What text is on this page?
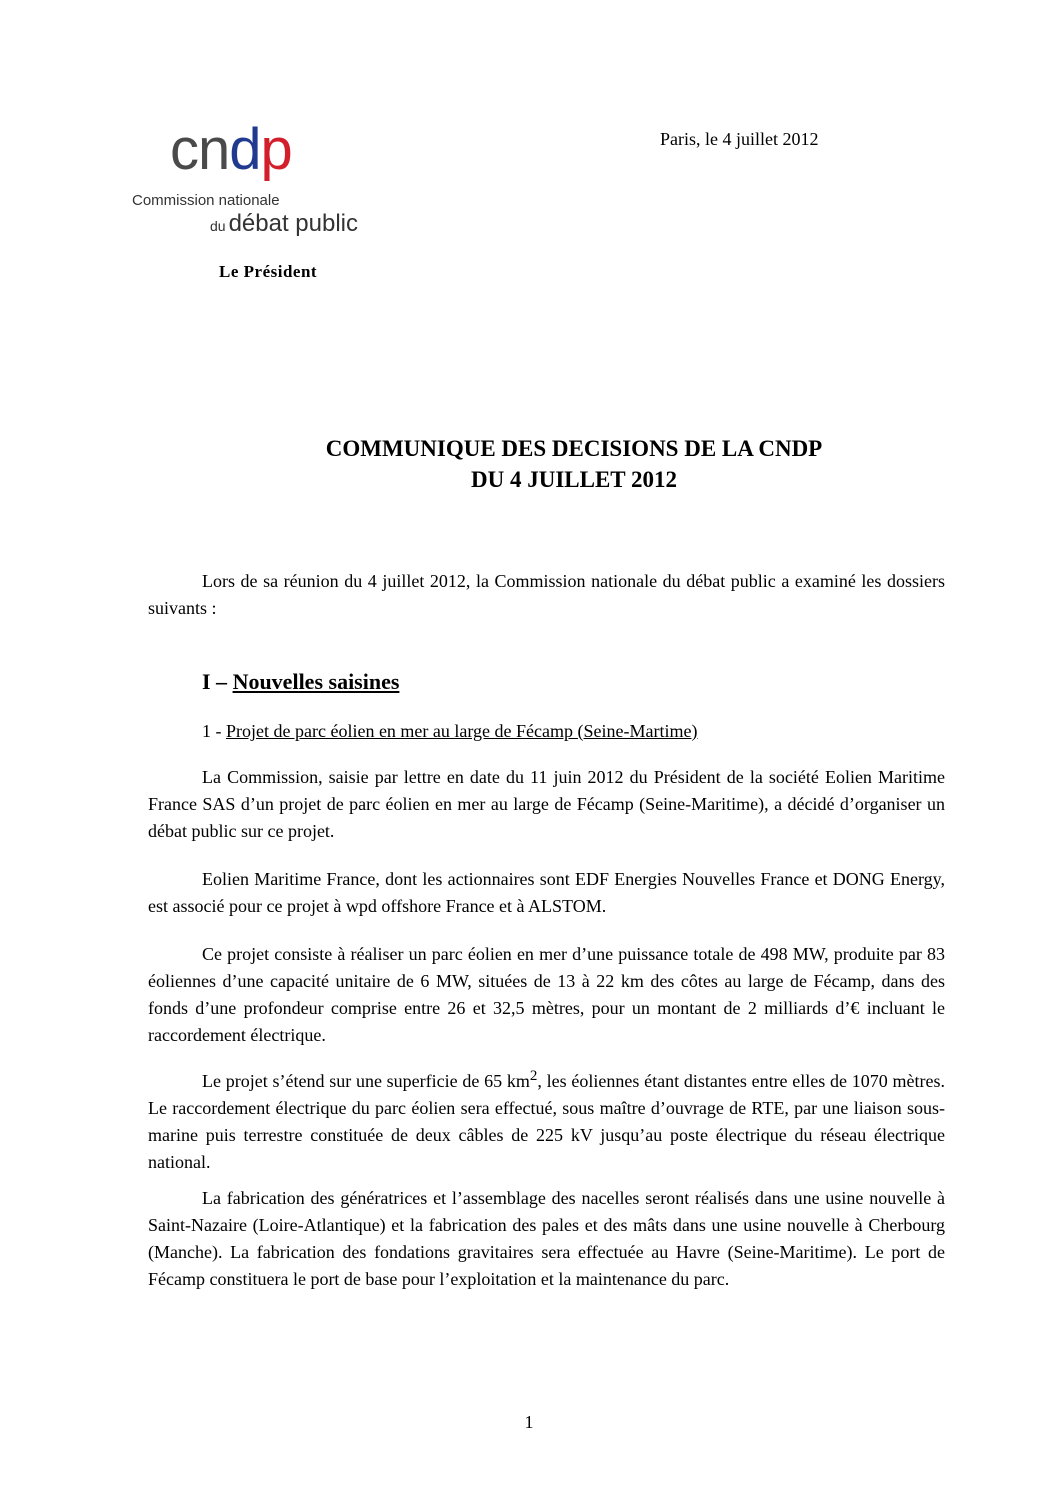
cndp
Commission nationale
du débat public
Paris, le 4 juillet 2012
Le Président
COMMUNIQUE DES DECISIONS DE LA CNDP
DU 4 JUILLET 2012
Lors de sa réunion du 4 juillet 2012, la Commission nationale du débat public a examiné les dossiers suivants :
I – Nouvelles saisines
1 - Projet de parc éolien en mer au large de Fécamp (Seine-Martime)
La Commission, saisie par lettre en date du 11 juin 2012 du Président de la société Eolien Maritime France SAS d’un projet de parc éolien en mer au large de Fécamp (Seine-Maritime), a décidé d’organiser un débat public sur ce projet.
Eolien Maritime France, dont les actionnaires sont EDF Energies Nouvelles France et DONG Energy, est associé pour ce projet à wpd offshore France et à ALSTOM.
Ce projet consiste à réaliser un parc éolien en mer d’une puissance totale de 498 MW, produite par 83 éoliennes d’une capacité unitaire de 6 MW, situées de 13 à 22 km des côtes au large de Fécamp, dans des fonds d’une profondeur comprise entre 26 et 32,5 mètres, pour un montant de 2 milliards d’€ incluant le raccordement électrique.
Le projet s’étend sur une superficie de 65 $km^2$, les éoliennes étant distantes entre elles de 1070 mètres. Le raccordement électrique du parc éolien sera effectué, sous maître d’ouvrage de RTE, par une liaison sous-marine puis terrestre constituée de deux câbles de 225 kV jusqu’au poste électrique du réseau électrique national.
La fabrication des génératrices et l’assemblage des nacelles seront réalisés dans une usine nouvelle à Saint-Nazaire (Loire-Atlantique) et la fabrication des pales et des mâts dans une usine nouvelle à Cherbourg (Manche). La fabrication des fondations gravitaires sera effectuée au Havre (Seine-Maritime). Le port de Fécamp constituera le port de base pour l’exploitation et la maintenance du parc.
1
